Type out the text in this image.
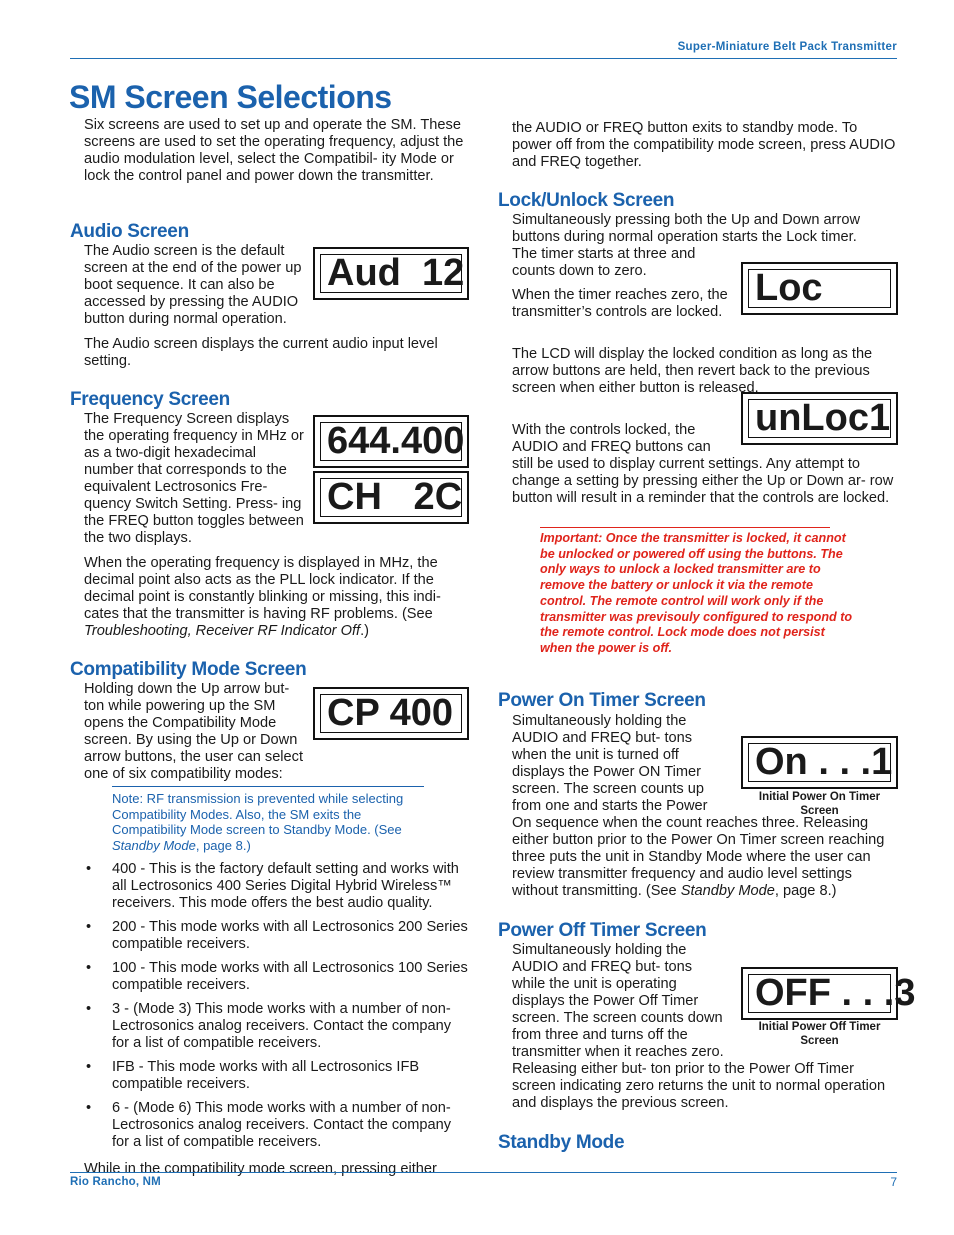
Super-Miniature Belt Pack Transmitter
SM Screen Selections
Six screens are used to set up and operate the SM. These screens are used to set the operating frequency, adjust the audio modulation level, select the Compatibil- ity Mode or lock the control panel and power down the transmitter.
Audio Screen
The Audio screen is the default screen at the end of the power up boot sequence. It can also be accessed by pressing the AUDIO button during normal operation.
Aud  12
The Audio screen displays the current audio input level setting.
Frequency Screen
The Frequency Screen displays the operating frequency in MHz or as a two-digit hexadecimal number that corresponds to the equivalent Lectrosonics Fre- quency Switch Setting. Press- ing the FREQ button toggles between the two displays.
644.400
CH   2C
When the operating frequency is displayed in MHz, the decimal point also acts as the PLL lock indicator. If the decimal point is constantly blinking or missing, this indi- cates that the transmitter is having RF problems. (See Troubleshooting, Receiver RF Indicator Off.)
Compatibility Mode Screen
Holding down the Up arrow but- ton while powering up the SM opens the Compatibility Mode screen. By using the Up or Down arrow buttons, the user can select one of six compatibility modes:
CP 400
Note: RF transmission is prevented while selecting Compatibility Modes. Also, the SM exits the Compatibility Mode screen to Standby Mode. (See Standby Mode, page 8.)
• 400 - This is the factory default setting and works with all Lectrosonics 400 Series Digital Hybrid Wireless™ receivers. This mode offers the best audio quality.
• 200 - This mode works with all Lectrosonics 200 Series compatible receivers.
• 100 - This mode works with all Lectrosonics 100 Series compatible receivers.
• 3 - (Mode 3) This mode works with a number of non-Lectrosonics analog receivers. Contact the company for a list of compatible receivers.
• IFB - This mode works with all Lectrosonics IFB compatible receivers.
• 6 - (Mode 6) This mode works with a number of non-Lectrosonics analog receivers. Contact the company for a list of compatible receivers.
While in the compatibility mode screen, pressing either
the AUDIO or FREQ button exits to standby mode. To power off from the compatibility mode screen, press AUDIO and FREQ together.
Lock/Unlock Screen

Simultaneously pressing both the Up and Down arrow buttons during normal operation starts the Lock timer.
The timer starts at three and counts down to zero.	Loc
When the timer reaches zero, the transmitter’s controls are locked.
The LCD will display the locked condition as long as the arrow buttons are held, then revert back to the previous screen when either button is released.
unLoc1
With the controls locked, the AUDIO and FREQ buttons can still be used to display current settings. Any attempt to change a setting by pressing either the Up or Down ar- row button will result in a reminder that the controls are locked.
Important: Once the transmitter is locked, it cannot be unlocked or powered off using the buttons. The only ways to unlock a locked transmitter are to remove the battery or unlock it via the remote control. The remote control will work only if the transmitter was previsouly configured to respond to the remote control. Lock mode does not persist when the power is off.
Power On Timer Screen
Simultaneously holding the AUDIO and FREQ but- tons when the unit is turned off displays the Power ON Timer screen. The screen counts up from one and starts the Power On sequence when the count reaches three. Releasing either button prior to the Power On Timer screen reaching three puts the unit in Standby Mode where the user can review transmitter frequency and audio level settings without transmitting. (See Standby Mode, page 8.)
On . . .1
Initial Power On Timer Screen
Power Off Timer Screen
Simultaneously holding the AUDIO and FREQ but- tons while the unit is operating displays the Power Off Timer screen. The screen counts down from three and turns off the transmitter when it reaches zero. Releasing either but- ton prior to the Power Off Timer screen indicating zero returns the unit to normal operation and displays the previous screen.
OFF . . .3
Initial Power Off Timer Screen
Standby Mode
Rio Rancho, NM	7
